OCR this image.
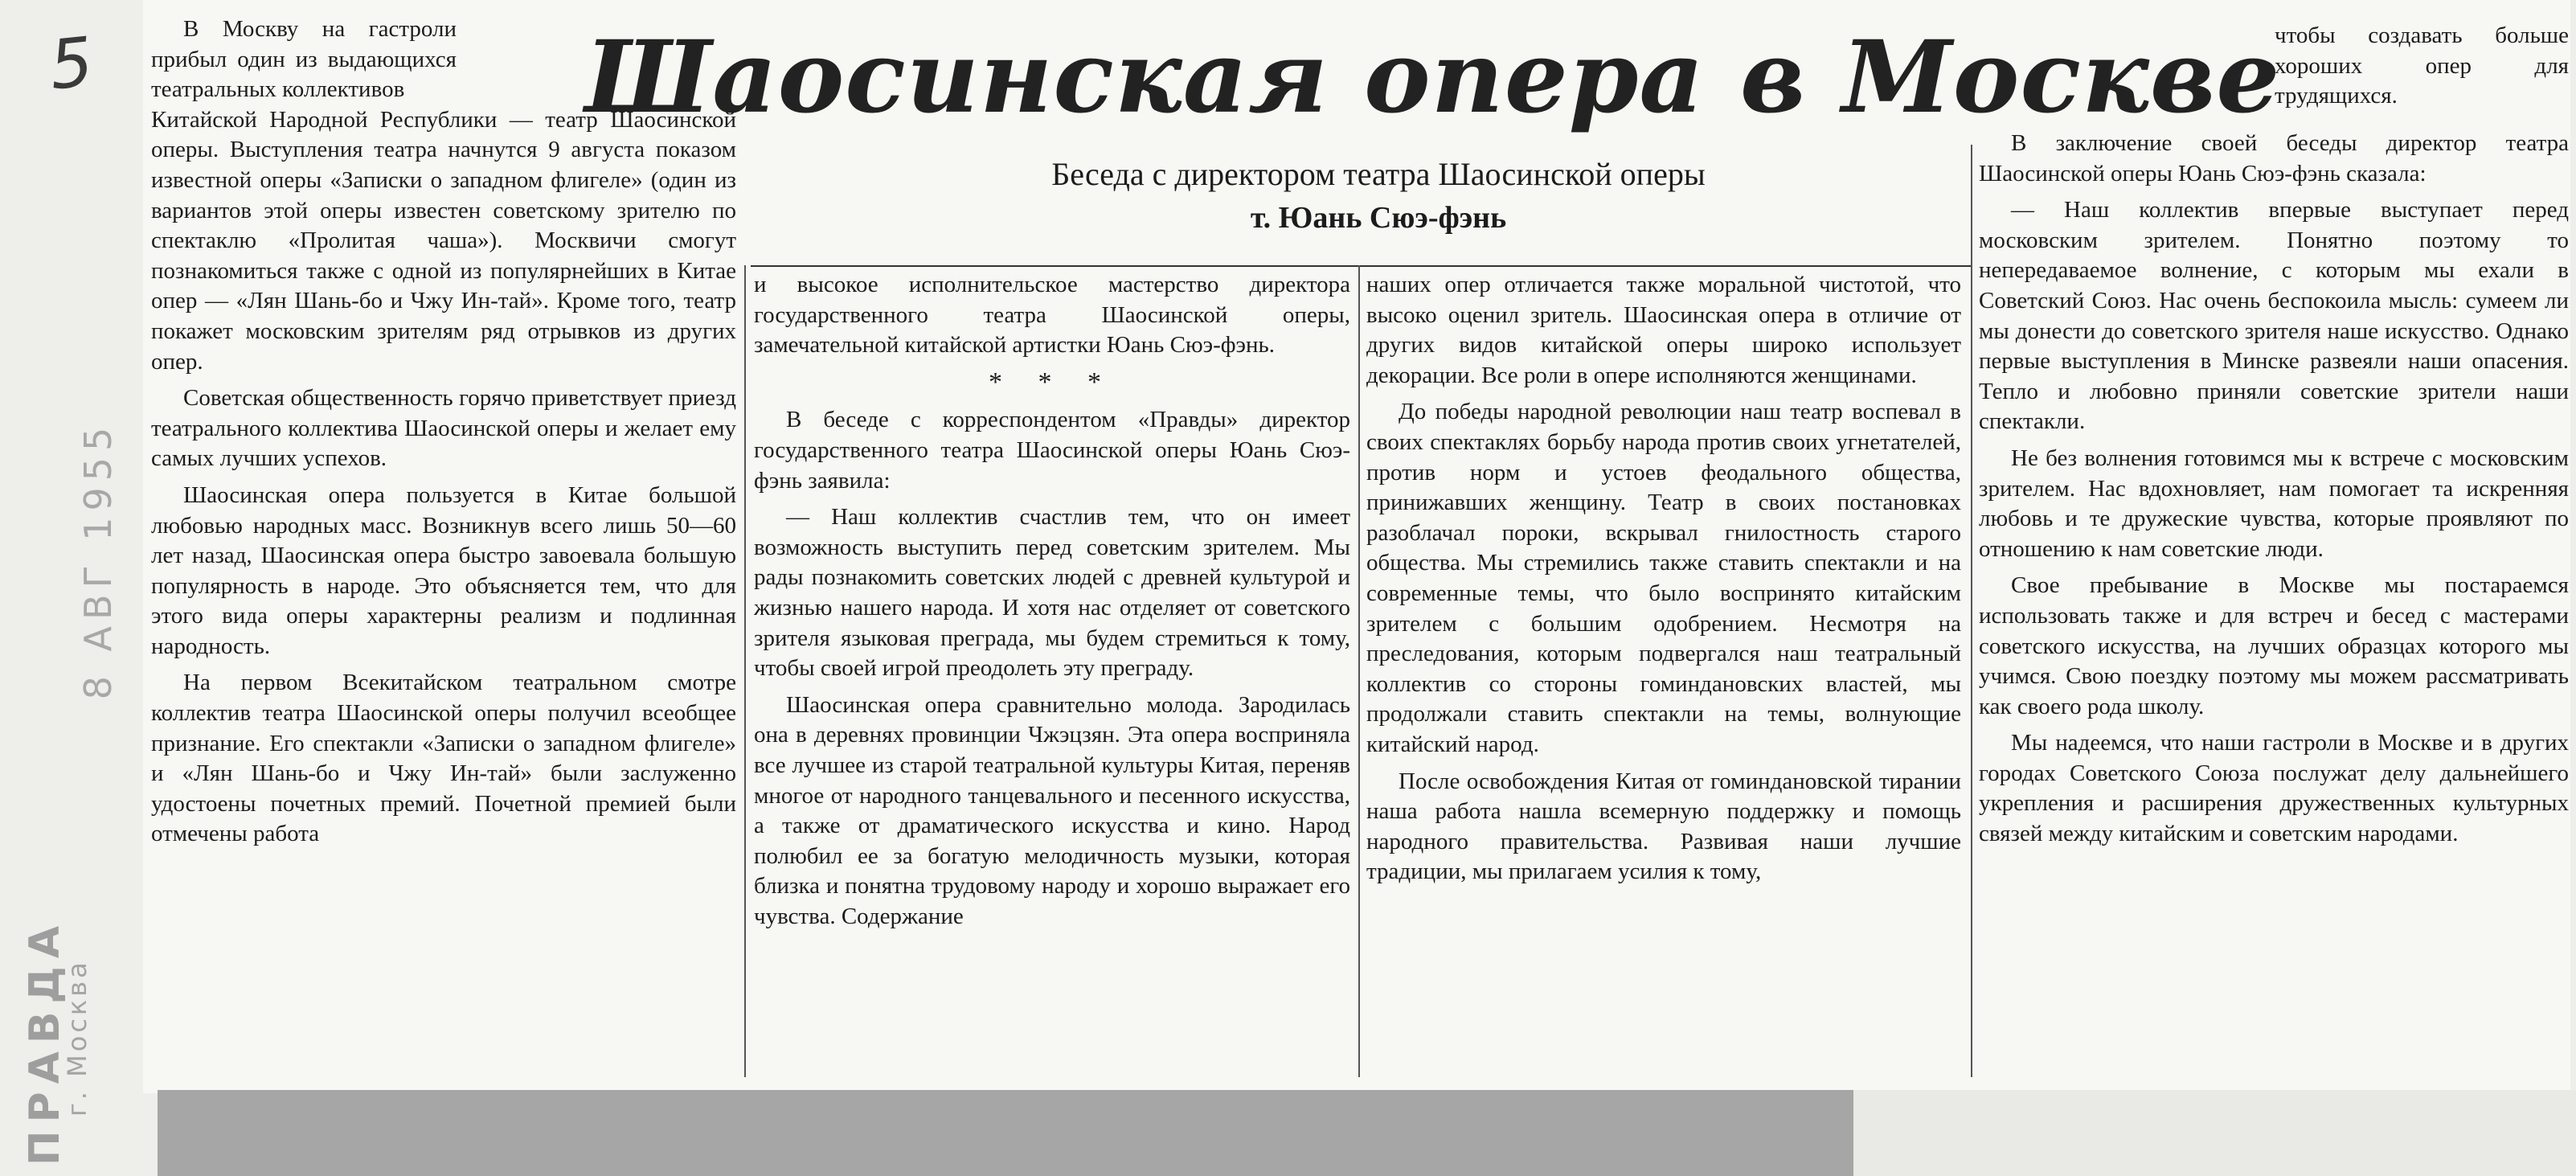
5
8 АВГ 1955
ПРАВДА
г. Москва
Шаосинская опера в Москве
Беседа с директором театра Шаосинской оперы
т. Юань Сюэ-фэнь

В Москву на гастроли прибыл один из выдающихся театральных коллективов

Китайской Народной Республики — театр Шаосинской оперы. Выступления театра начнутся 9 августа показом известной оперы «Записки о западном флигеле» (один из вариантов этой оперы известен советскому зрителю по спектаклю «Пролитая чаша»). Москвичи смогут познакомиться также с одной из популярнейших в Китае опер — «Лян Шань-бо и Чжу Ин-тай». Кроме того, театр покажет московским зрителям ряд отрывков из других опер.

Советская общественность горячо приветствует приезд театрального коллектива Шаосинской оперы и желает ему самых лучших успехов.

Шаосинская опера пользуется в Китае большой любовью народных масс. Возникнув всего лишь 50—60 лет назад, Шаосинская опера быстро завоевала большую популярность в народе. Это объясняется тем, что для этого вида оперы характерны реализм и подлинная народность.

На первом Всекитайском театральном смотре коллектив театра Шаосинской оперы получил всеобщее признание. Его спектакли «Записки о западном флигеле» и «Лян Шань-бо и Чжу Ин-тай» были заслуженно удостоены почетных премий. Почетной премией были отмечены работа

и высокое исполнительское мастерство директора государственного театра Шаосинской оперы, замечательной китайской артистки Юань Сюэ-фэнь.

* * *

В беседе с корреспондентом «Правды» директор государственного театра Шаосинской оперы Юань Сюэ-фэнь заявила:

— Наш коллектив счастлив тем, что он имеет возможность выступить перед советским зрителем. Мы рады познакомить советских людей с древней культурой и жизнью нашего народа. И хотя нас отделяет от советского зрителя языковая преграда, мы будем стремиться к тому, чтобы своей игрой преодолеть эту преграду.

Шаосинская опера сравнительно молода. Зародилась она в деревнях провинции Чжэцзян. Эта опера восприняла все лучшее из старой театральной культуры Китая, переняв многое от народного танцевального и песенного искусства, а также от драматического искусства и кино. Народ полюбил ее за богатую мелодичность музыки, которая близка и понятна трудовому народу и хорошо выражает его чувства. Содержание

наших опер отличается также моральной чистотой, что высоко оценил зритель. Шаосинская опера в отличие от других видов китайской оперы широко использует декорации. Все роли в опере исполняются женщинами.

До победы народной революции наш театр воспевал в своих спектаклях борьбу народа против своих угнетателей, против норм и устоев феодального общества, принижавших женщину. Театр в своих постановках разоблачал пороки, вскрывал гнилостность старого общества. Мы стремились также ставить спектакли и на современные темы, что было воспринято китайским зрителем с большим одобрением. Несмотря на преследования, которым подвергался наш театральный коллектив со стороны гоминдановских властей, мы продолжали ставить спектакли на темы, волнующие китайский народ.

После освобождения Китая от гоминдановской тирании наша работа нашла всемерную поддержку и помощь народного правительства. Развивая наши лучшие традиции, мы прилагаем усилия к тому,

чтобы создавать больше хороших опер для трудящихся.

В заключение своей беседы директор театра Шаосинской оперы Юань Сюэ-фэнь сказала:

— Наш коллектив впервые выступает перед московским зрителем. Понятно поэтому то непередаваемое волнение, с которым мы ехали в Советский Союз. Нас очень беспокоила мысль: сумеем ли мы донести до советского зрителя наше искусство. Однако первые выступления в Минске развеяли наши опасения. Тепло и любовно приняли советские зрители наши спектакли.

Не без волнения готовимся мы к встрече с московским зрителем. Нас вдохновляет, нам помогает та искренняя любовь и те дружеские чувства, которые проявляют по отношению к нам советские люди.

Свое пребывание в Москве мы постараемся использовать также и для встреч и бесед с мастерами советского искусства, на лучших образцах которого мы учимся. Свою поездку поэтому мы можем рассматривать как своего рода школу.

Мы надеемся, что наши гастроли в Москве и в других городах Советского Союза послужат делу дальнейшего укрепления и расширения дружественных культурных связей между китайским и советским народами.
